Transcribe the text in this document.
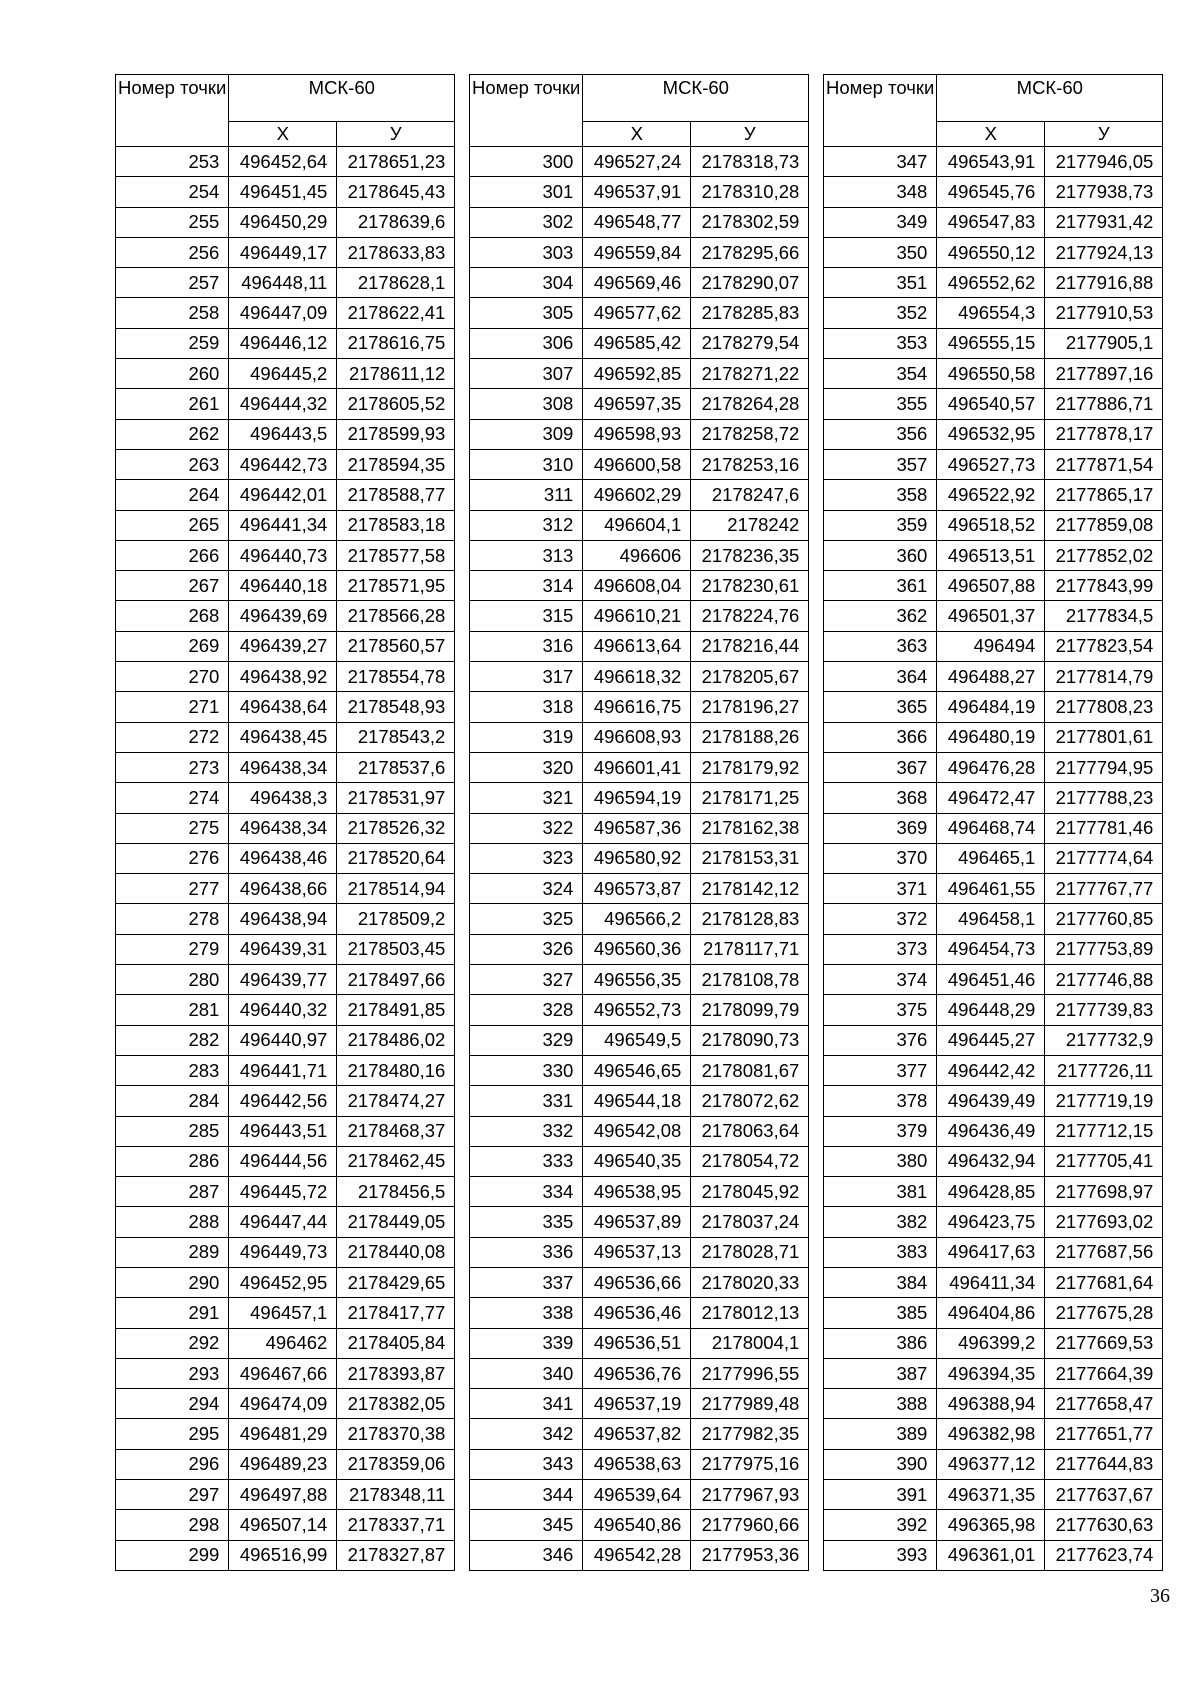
Номер точки	МСК-60	
	Х	У
253	496452,64	2178651,23
254	496451,45	2178645,43
255	496450,29	2178639,6
256	496449,17	2178633,83
257	496448,11	2178628,1
258	496447,09	2178622,41
259	496446,12	2178616,75
260	496445,2	2178611,12
261	496444,32	2178605,52
262	496443,5	2178599,93
263	496442,73	2178594,35
264	496442,01	2178588,77
265	496441,34	2178583,18
266	496440,73	2178577,58
267	496440,18	2178571,95
268	496439,69	2178566,28
269	496439,27	2178560,57
270	496438,92	2178554,78
271	496438,64	2178548,93
272	496438,45	2178543,2
273	496438,34	2178537,6
274	496438,3	2178531,97
275	496438,34	2178526,32
276	496438,46	2178520,64
277	496438,66	2178514,94
278	496438,94	2178509,2
279	496439,31	2178503,45
280	496439,77	2178497,66
281	496440,32	2178491,85
282	496440,97	2178486,02
283	496441,71	2178480,16
284	496442,56	2178474,27
285	496443,51	2178468,37
286	496444,56	2178462,45
287	496445,72	2178456,5
288	496447,44	2178449,05
289	496449,73	2178440,08
290	496452,95	2178429,65
291	496457,1	2178417,77
292	496462	2178405,84
293	496467,66	2178393,87
294	496474,09	2178382,05
295	496481,29	2178370,38
296	496489,23	2178359,06
297	496497,88	2178348,11
298	496507,14	2178337,71
299	496516,99	2178327,87
Номер точки	МСК-60	
	Х	У
300	496527,24	2178318,73
301	496537,91	2178310,28
302	496548,77	2178302,59
303	496559,84	2178295,66
304	496569,46	2178290,07
305	496577,62	2178285,83
306	496585,42	2178279,54
307	496592,85	2178271,22
308	496597,35	2178264,28
309	496598,93	2178258,72
310	496600,58	2178253,16
311	496602,29	2178247,6
312	496604,1	2178242
313	496606	2178236,35
314	496608,04	2178230,61
315	496610,21	2178224,76
316	496613,64	2178216,44
317	496618,32	2178205,67
318	496616,75	2178196,27
319	496608,93	2178188,26
320	496601,41	2178179,92
321	496594,19	2178171,25
322	496587,36	2178162,38
323	496580,92	2178153,31
324	496573,87	2178142,12
325	496566,2	2178128,83
326	496560,36	2178117,71
327	496556,35	2178108,78
328	496552,73	2178099,79
329	496549,5	2178090,73
330	496546,65	2178081,67
331	496544,18	2178072,62
332	496542,08	2178063,64
333	496540,35	2178054,72
334	496538,95	2178045,92
335	496537,89	2178037,24
336	496537,13	2178028,71
337	496536,66	2178020,33
338	496536,46	2178012,13
339	496536,51	2178004,1
340	496536,76	2177996,55
341	496537,19	2177989,48
342	496537,82	2177982,35
343	496538,63	2177975,16
344	496539,64	2177967,93
345	496540,86	2177960,66
346	496542,28	2177953,36
Номер точки	МСК-60	
	Х	У
347	496543,91	2177946,05
348	496545,76	2177938,73
349	496547,83	2177931,42
350	496550,12	2177924,13
351	496552,62	2177916,88
352	496554,3	2177910,53
353	496555,15	2177905,1
354	496550,58	2177897,16
355	496540,57	2177886,71
356	496532,95	2177878,17
357	496527,73	2177871,54
358	496522,92	2177865,17
359	496518,52	2177859,08
360	496513,51	2177852,02
361	496507,88	2177843,99
362	496501,37	2177834,5
363	496494	2177823,54
364	496488,27	2177814,79
365	496484,19	2177808,23
366	496480,19	2177801,61
367	496476,28	2177794,95
368	496472,47	2177788,23
369	496468,74	2177781,46
370	496465,1	2177774,64
371	496461,55	2177767,77
372	496458,1	2177760,85
373	496454,73	2177753,89
374	496451,46	2177746,88
375	496448,29	2177739,83
376	496445,27	2177732,9
377	496442,42	2177726,11
378	496439,49	2177719,19
379	496436,49	2177712,15
380	496432,94	2177705,41
381	496428,85	2177698,97
382	496423,75	2177693,02
383	496417,63	2177687,56
384	496411,34	2177681,64
385	496404,86	2177675,28
386	496399,2	2177669,53
387	496394,35	2177664,39
388	496388,94	2177658,47
389	496382,98	2177651,77
390	496377,12	2177644,83
391	496371,35	2177637,67
392	496365,98	2177630,63
393	496361,01	2177623,74
36
